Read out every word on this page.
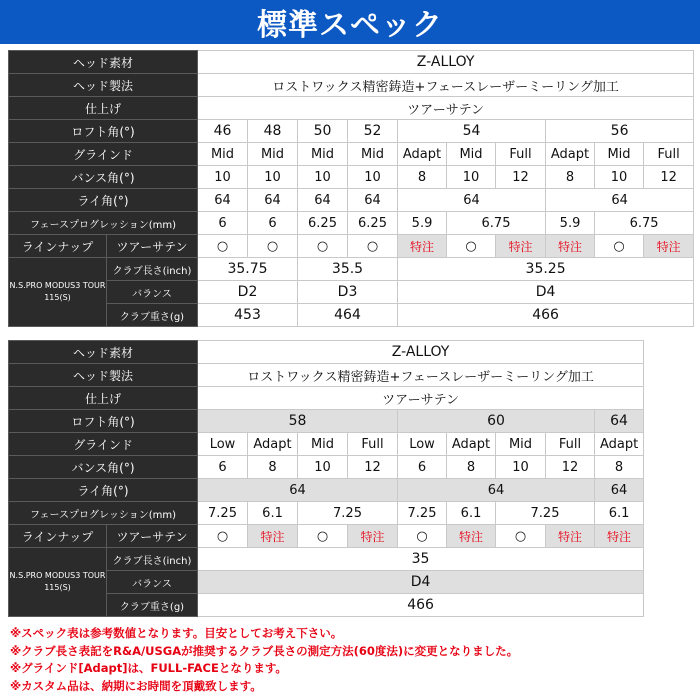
標準スペック
ヘッド素材		Z-ALLOY									
ヘッド製法		ロストワックス精密鋳造+フェースレーザーミーリング加工									
仕上げ		ツアーサテン									
ロフト角(°)		46	48	50	52	54			56		
グラインド		Mid	Mid	Mid	Mid	Adapt	Mid	Full	Adapt	Mid	Full
バンス角(°)		10	10	10	10	8	10	12	8	10	12
ライ角(°)		64	64	64	64	64			64		
フェースプログレッション(mm)		6	6	6.25	6.25	5.9	6.75		5.9	6.75	
ラインナップ	ツアーサテン	○	○	○	○	特注	○	特注	特注	○	特注
N.S.PRO MODUS3 TOUR 115(S)	クラブ長さ(inch)	35.75		35.5		35.25					
	バランス	D2		D3		D4					
	クラブ重さ(g)	453		464		466					
ヘッド素材		Z-ALLOY								
ヘッド製法		ロストワックス精密鋳造+フェースレーザーミーリング加工								
仕上げ		ツアーサテン								
ロフト角(°)		58				60				64
グラインド		Low	Adapt	Mid	Full	Low	Adapt	Mid	Full	Adapt
バンス角(°)		6	8	10	12	6	8	10	12	8
ライ角(°)		64				64				64
フェースプログレッション(mm)		7.25	6.1	7.25		7.25	6.1	7.25		6.1
ラインナップ	ツアーサテン	○	特注	○	特注	○	特注	○	特注	特注
N.S.PRO MODUS3 TOUR 115(S)	クラブ長さ(inch)	35								
	バランス	D4								
	クラブ重さ(g)	466								
※スペック表は参考数値となります。目安としてお考え下さい。
※クラブ長さ表記をR&A/USGAが推奨するクラブ長さの測定方法(60度法)に変更となりました。
※グラインド[Adapt]は、FULL-FACEとなります。
※カスタム品は、納期にお時間を頂戴致します。
